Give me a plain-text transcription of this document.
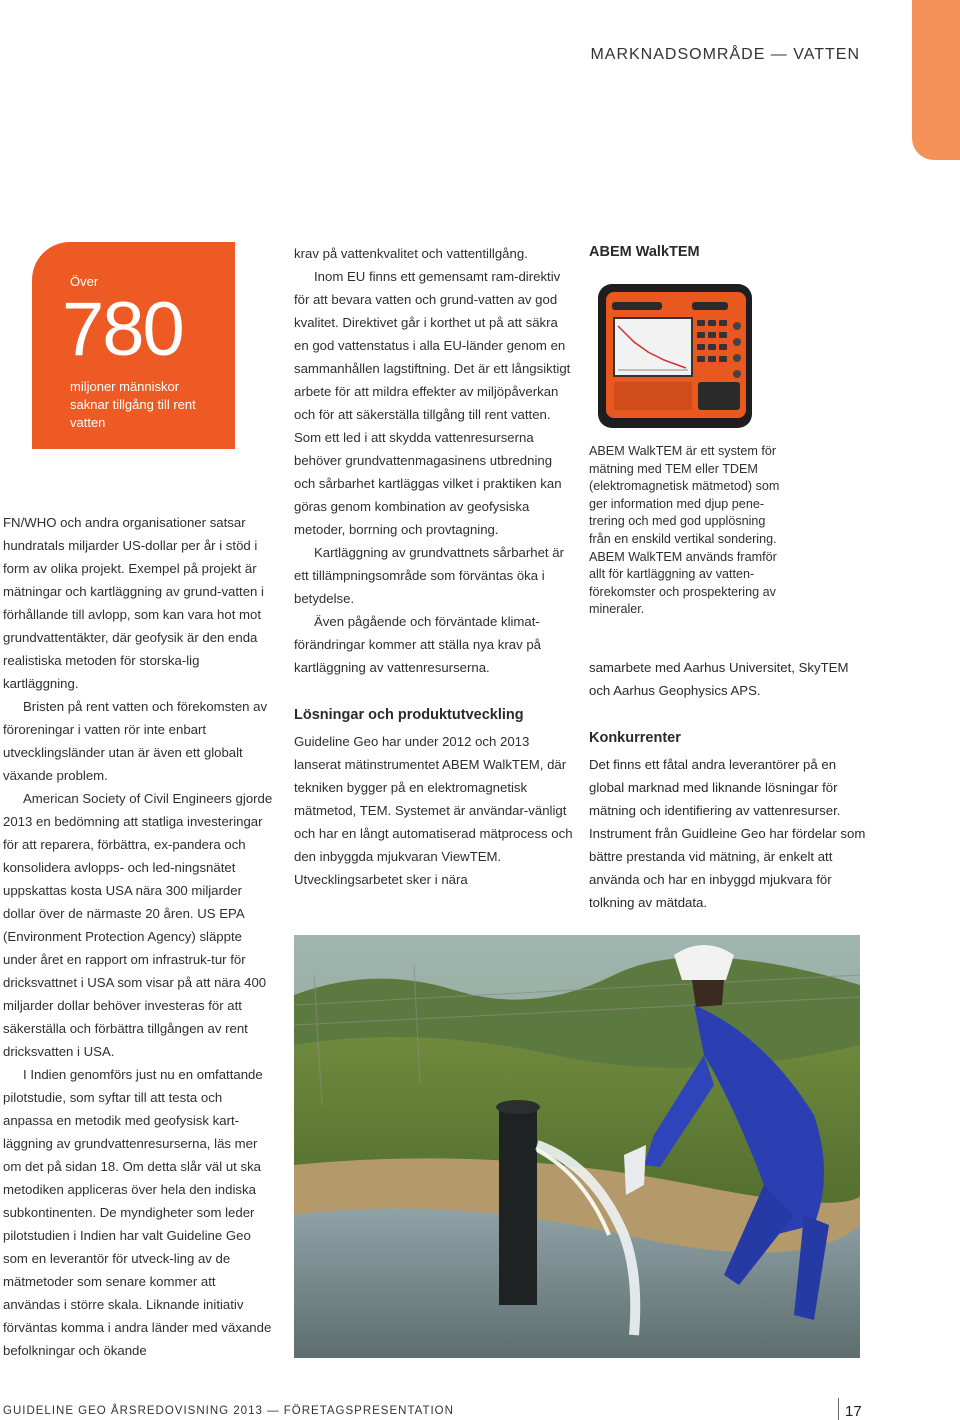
MARKNADSOMRÅDE — VATTEN
Över
780
miljoner människor saknar tillgång till rent vatten

FN/WHO och andra organisationer satsar hundratals miljarder US-dollar per år i stöd i form av olika projekt. Exempel på projekt är mätningar och kartläggning av grund-vatten i förhållande till avlopp, som kan vara hot mot grundvattentäkter, där geofysik är den enda realistiska metoden för storska-lig kartläggning.

Bristen på rent vatten och förekomsten av föroreningar i vatten rör inte enbart utvecklingsländer utan är även ett globalt växande problem.

American Society of Civil Engineers gjorde 2013 en bedömning att statliga investeringar för att reparera, förbättra, ex-pandera och konsolidera avlopps- och led-ningsnätet uppskattas kosta USA nära 300 miljarder dollar över de närmaste 20 åren. US EPA (Environment Protection Agency) släppte under året en rapport om infrastruk-tur för dricksvattnet i USA som visar på att nära 400 miljarder dollar behöver investeras för att säkerställa och förbättra tillgången av rent dricksvatten i USA.

I Indien genomförs just nu en omfattande pilotstudie, som syftar till att testa och anpassa en metodik med geofysisk kart-läggning av grundvattenresurserna, läs mer om det på sidan 18. Om detta slår väl ut ska metodiken appliceras över hela den indiska subkontinenten. De myndigheter som leder pilotstudien i Indien har valt Guideline Geo som en leverantör för utveck-ling av de mätmetoder som senare kommer att användas i större skala. Liknande initiativ förväntas komma i andra länder med växande befolkningar och ökande

krav på vattenkvalitet och vattentillgång.

Inom EU finns ett gemensamt ram-direktiv för att bevara vatten och grund-vatten av god kvalitet. Direktivet går i korthet ut på att säkra en god vattenstatus i alla EU-länder genom en sammanhållen lagstiftning. Det är ett långsiktigt arbete för att mildra effekter av miljöpåverkan och för att säkerställa tillgång till rent vatten. Som ett led i att skydda vattenresurserna behöver grundvattenmagasinens utbredning och sårbarhet kartläggas vilket i praktiken kan göras genom kombination av geofysiska metoder, borrning och provtagning.

Kartläggning av grundvattnets sårbarhet är ett tillämpningsområde som förväntas öka i betydelse.

Även pågående och förväntade klimat-förändringar kommer att ställa nya krav på kartläggning av vattenresurserna.

Lösningar och produktutveckling

Guideline Geo har under 2012 och 2013 lanserat mätinstrumentet ABEM WalkTEM, där tekniken bygger på en elektromagnetisk mätmetod, TEM. Systemet är användar-vänligt och har en långt automatiserad mätprocess och den inbyggda mjukvaran ViewTEM. Utvecklingsarbetet sker i nära

ABEM WalkTEM

ABEM WalkTEM är ett system för mätning med TEM eller TDEM (elektromagnetisk mätmetod) som ger information med djup pene-trering och med god upplösning från en enskild vertikal sondering. ABEM WalkTEM används framför allt för kartläggning av vatten-förekomster och prospektering av mineraler.

samarbete med Aarhus Universitet, SkyTEM och Aarhus Geophysics APS.

Konkurrenter

Det finns ett fåtal andra leverantörer på en global marknad med liknande lösningar för mätning och identifiering av vattenresurser. Instrument från Guidleine Geo har fördelar som bättre prestanda vid mätning, är enkelt att använda och har en inbyggd mjukvara för tolkning av mätdata.

GUIDELINE GEO ÅRSREDOVISNING 2013 — FÖRETAGSPRESENTATION	17
